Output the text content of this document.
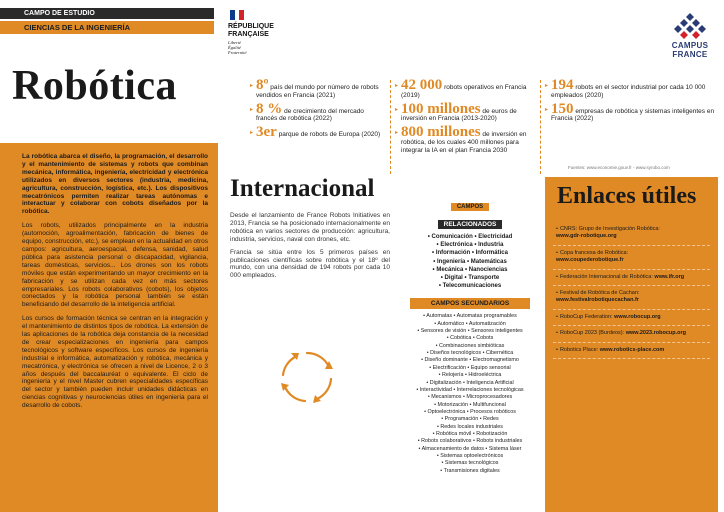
CAMPO DE ESTUDIO
CIENCIAS DE LA INGENIERÍA
Robótica
RÉPUBLIQUE
FRANÇAISE
Liberté
Égalité
Fraternité
CAMPUS
FRANCE
▸ 8º país del mundo por número de robots vendidos en Francia (2021)
▸ 8 % de crecimiento del mercado francés de robótica (2022)
▸ 3er parque de robots de Europa (2020)
▸ 42 000 robots operativos en Francia (2019)
▸ 100 millones de euros de inversión en Francia (2013-2020)
▸ 800 millones de inversión en robótica, de los cuales 400 millones para integrar la IA en el plan Francia 2030
▸ 194 robots en el sector industrial por cada 10 000 empleados (2020)
▸ 150 empresas de robótica y sistemas inteligentes en Francia (2022)
Fuentes: www.economie.gouv.fr - www.syrobo.com

La robótica abarca el diseño, la programación, el desarrollo y el mantenimiento de sistemas y robots que combinan mecánica, informática, ingeniería, electricidad y electrónica utilizados en diversos sectores (industria, medicina, agricultura, construcción, logística, etc.). Los dispositivos mecatrónicos permiten realizar tareas autónomas e interactuar y colaborar con cobots diseñados por la robótica.

Los robots, utilizados principalmente en la industria (automoción, agroalimentación, fabricación de bienes de equipo, construcción, etc.), se emplean en la actualidad en otros campos: agricultura, aeroespacial, defensa, sanidad, salud pública para asistencia personal o discapacidad, vigilancia, tareas domésticas, servicios... Los drones son los robots móviles que están experimentando un mayor crecimiento en la fabricación y se utilizan cada vez en más sectores empresariales. Los robots colaborativos (cobots), los objetos conectados y la robótica personal también se están beneficiando del desarrollo de la inteligencia artificial.

Los cursos de formación técnica se centran en la integración y el mantenimiento de distintos tipos de robótica. La extensión de las aplicaciones de la robótica deja constancia de la necesidad de crear especializaciones en ingeniería para campos tecnológicos y software específicos. Los cursos de ingeniería industrial e informática, automatización y robótica, mecánica y mecatrónica, y electrónica se ofrecen a nivel de Licence, 2 o 3 años después del baccalauréat o equivalente. El ciclo de ingeniería y el nivel Master cubren especialidades específicas del sector y también pueden incluir unidades didácticas en ciencias cognitivas y neurociencias útiles en ingeniería para el desarrollo de cobots.

Internacional

Desde el lanzamiento de France Robots Initiatives en 2013, Francia se ha posicionado internacionalmente en robótica en varios sectores de producción: agricultura, industria, servicios, naval con drones, etc.

Francia se sitúa entre los 5 primeros países en publicaciones científicas sobre robótica y el 18º del mundo, con una densidad de 194 robots por cada 10 000 empleados.

CAMPOS
RELACIONADOS
• Comunicación • Electricidad
• Electrónica • Industria
• Información • Informática
• Ingeniería • Matemáticas
• Mecánica • Nanociencias
• Digital • Transporte
• Telecomunicaciones
CAMPOS SECUNDARIOS
• Automatas • Automatas programables
• Automático • Automatización
• Sensores de visión • Sensores inteligentes
• Cobótica • Cobots
• Combinaciones simbióticas
• Diseños tecnológicos • Cibernética
• Diseño dominante • Electromagnetismo
• Electrificación • Equipo sensorial
• Relojería • Hidroeléctrica
• Digitalización • Inteligencia Artificial
• Interactividad • Interrelaciones tecnológicas
• Mecanismos • Microprocesadores
• Motorización • Multifuncional
• Optoelectrónica • Procesos robóticos
• Programación • Redes
• Redes locales industriales
• Robótica móvil • Robotización
• Robots colaborativos • Robots industriales
• Almacenamiento de datos • Sistema láser
• Sistemas optoelectrónicos
• Sistemas tecnológicos
• Transmisiones digitales
Enlaces útiles
• CNRS: Grupo de Investigación Robótica:
www.gdr-robotique.org
• Copa francesa de Robótica:
www.coupederobotique.fr
• Federación Internacional de Robótica: www.ifr.org
• Festival de Robótica de Cachan:
www.festivalrobotiquecachan.fr
• RoboCup Federation: www.robocup.org
• RoboCup 2023 (Burdeos): www.2023.robocup.org
• Robotics Place: www.robotics-place.com
